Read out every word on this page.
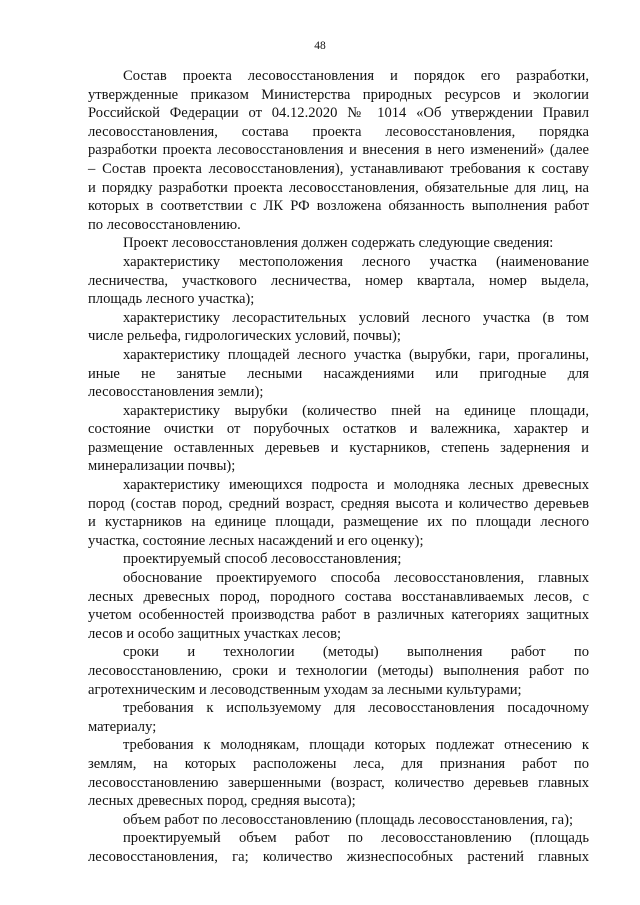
48
Состав проекта лесовосстановления и порядок его разработки,
утвержденные приказом Министерства природных ресурсов и экологии
Российской Федерации от 04.12.2020 № 1014 «Об утверждении Правил
лесовосстановления, состава проекта лесовосстановления, порядка
разработки проекта лесовосстановления и внесения в него изменений» (далее
– Состав проекта лесовосстановления), устанавливают требования к составу
и порядку разработки проекта лесовосстановления, обязательные для лиц, на
которых в соответствии с ЛК РФ возложена обязанность выполнения работ
по лесовосстановлению.
Проект лесовосстановления должен содержать следующие сведения:
характеристику местоположения лесного участка (наименование
лесничества, участкового лесничества, номер квартала, номер выдела,
площадь лесного участка);
характеристику лесорастительных условий лесного участка (в том
числе рельефа, гидрологических условий, почвы);
характеристику площадей лесного участка (вырубки, гари, прогалины,
иные не занятые лесными насаждениями или пригодные для
лесовосстановления земли);
характеристику вырубки (количество пней на единице площади,
состояние очистки от порубочных остатков и валежника, характер и
размещение оставленных деревьев и кустарников, степень задернения и
минерализации почвы);
характеристику имеющихся подроста и молодняка лесных древесных
пород (состав пород, средний возраст, средняя высота и количество деревьев
и кустарников на единице площади, размещение их по площади лесного
участка, состояние лесных насаждений и его оценку);
проектируемый способ лесовосстановления;
обоснование проектируемого способа лесовосстановления, главных
лесных древесных пород, породного состава восстанавливаемых лесов, с
учетом особенностей производства работ в различных категориях защитных
лесов и особо защитных участках лесов;
сроки и технологии (методы) выполнения работ по
лесовосстановлению, сроки и технологии (методы) выполнения работ по
агротехническим и лесоводственным уходам за лесными культурами;
требования к используемому для лесовосстановления посадочному
материалу;
требования к молоднякам, площади которых подлежат отнесению к
землям, на которых расположены леса, для признания работ по
лесовосстановлению завершенными (возраст, количество деревьев главных
лесных древесных пород, средняя высота);
объем работ по лесовосстановлению (площадь лесовосстановления, га);
проектируемый объем работ по лесовосстановлению (площадь
лесовосстановления, га; количество жизнеспособных растений главных
